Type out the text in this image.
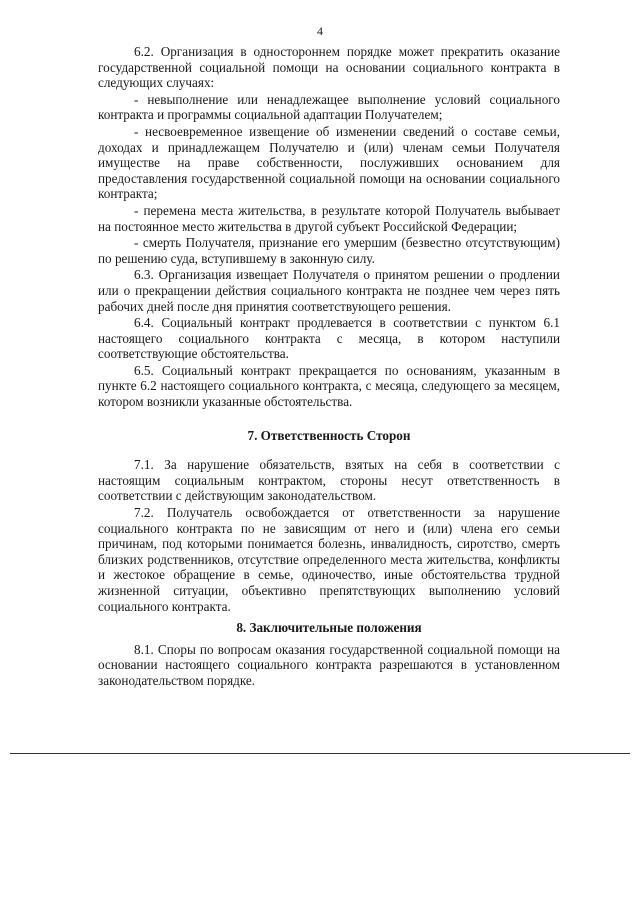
4

6.2. Организация в одностороннем порядке может прекратить оказание государственной социальной помощи на основании социального контракта в следующих случаях:

- невыполнение или ненадлежащее выполнение условий социального контракта и программы социальной адаптации Получателем;

- несвоевременное извещение об изменении сведений о составе семьи, доходах и принадлежащем Получателю и (или) членам семьи Получателя имуществе на праве собственности, послуживших основанием для предоставления государственной социальной помощи на основании социального контракта;

- перемена места жительства, в результате которой Получатель выбывает на постоянное место жительства в другой субъект Российской Федерации;

- смерть Получателя, признание его умершим (безвестно отсутствующим) по решению суда, вступившему в законную силу.

6.3. Организация извещает Получателя о принятом решении о продлении или о прекращении действия социального контракта не позднее чем через пять рабочих дней после дня принятия соответствующего решения.

6.4. Социальный контракт продлевается в соответствии с пунктом 6.1 настоящего социального контракта с месяца, в котором наступили соответствующие обстоятельства.

6.5. Социальный контракт прекращается по основаниям, указанным в пункте 6.2 настоящего социального контракта, с месяца, следующего за месяцем, котором возникли указанные обстоятельства.

7. Ответственность Сторон

7.1. За нарушение обязательств, взятых на себя в соответствии с настоящим социальным контрактом, стороны несут ответственность в соответствии с действующим законодательством.

7.2. Получатель освобождается от ответственности за нарушение социального контракта по не зависящим от него и (или) члена его семьи причинам, под которыми понимается болезнь, инвалидность, сиротство, смерть близких родственников, отсутствие определенного места жительства, конфликты и жестокое обращение в семье, одиночество, иные обстоятельства трудной жизненной ситуации, объективно препятствующих выполнению условий социального контракта.

8. Заключительные положения

8.1. Споры по вопросам оказания государственной социальной помощи на основании настоящего социального контракта разрешаются в установленном законодательством порядке.
